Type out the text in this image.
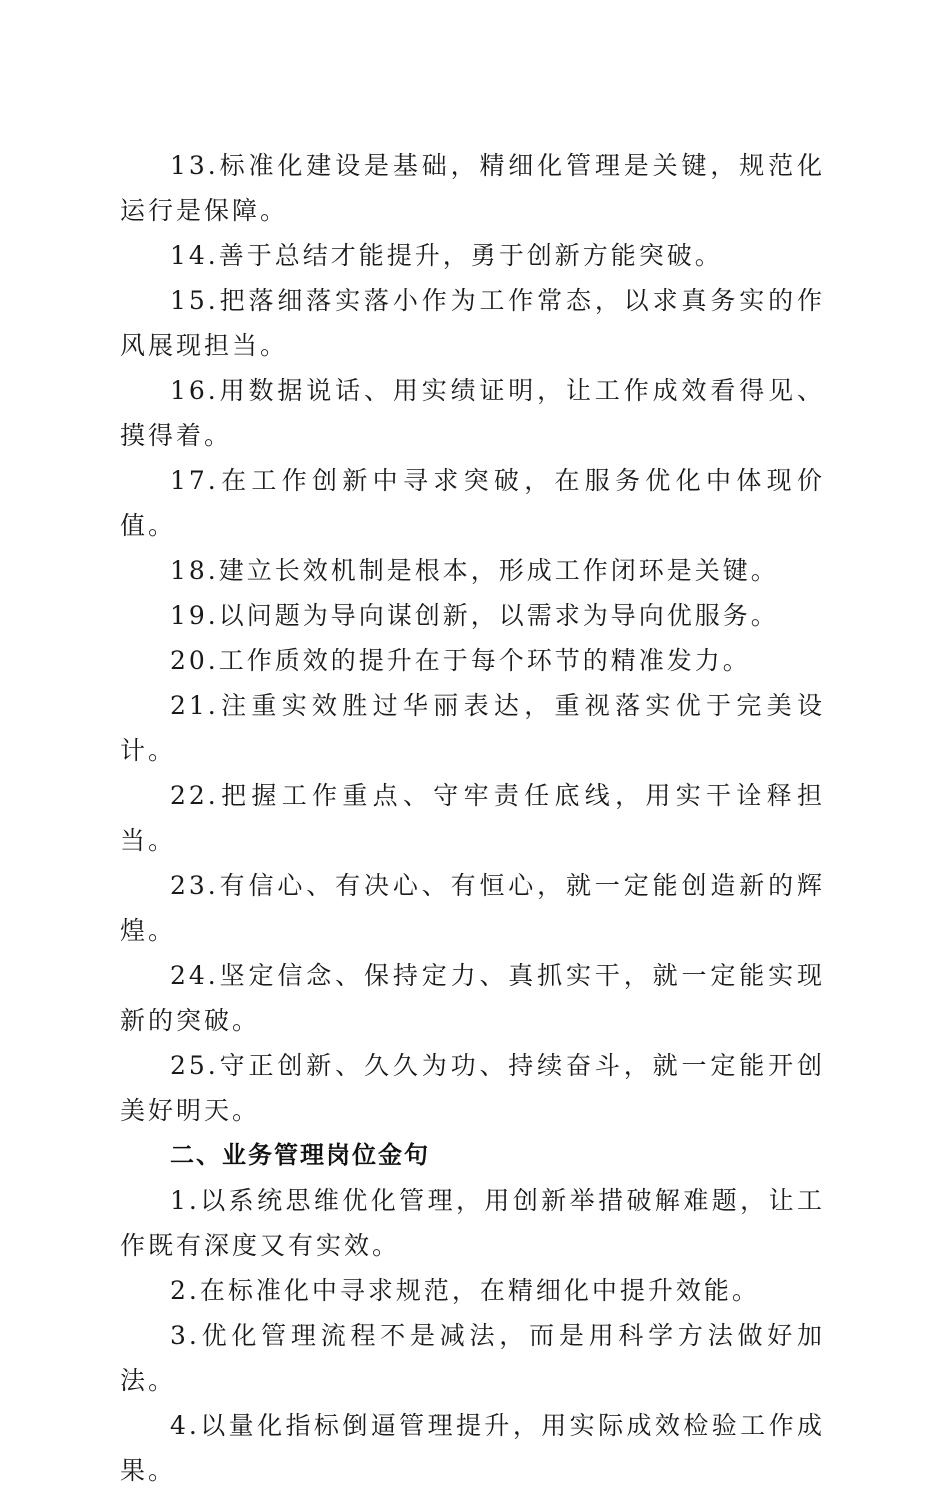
13.标准化建设是基础，精细化管理是关键，规范化运行是保障。

14.善于总结才能提升，勇于创新方能突破。

15.把落细落实落小作为工作常态，以求真务实的作风展现担当。

16.用数据说话、用实绩证明，让工作成效看得见、摸得着。

17.在工作创新中寻求突破，在服务优化中体现价值。

18.建立长效机制是根本，形成工作闭环是关键。

19.以问题为导向谋创新，以需求为导向优服务。

20.工作质效的提升在于每个环节的精准发力。

21.注重实效胜过华丽表达，重视落实优于完美设计。

22.把握工作重点、守牢责任底线，用实干诠释担当。

23.有信心、有决心、有恒心，就一定能创造新的辉煌。

24.坚定信念、保持定力、真抓实干，就一定能实现新的突破。

25.守正创新、久久为功、持续奋斗，就一定能开创美好明天。

二、业务管理岗位金句

1.以系统思维优化管理，用创新举措破解难题，让工作既有深度又有实效。

2.在标准化中寻求规范，在精细化中提升效能。

3.优化管理流程不是减法，而是用科学方法做好加法。

4.以量化指标倒逼管理提升，用实际成效检验工作成果。
